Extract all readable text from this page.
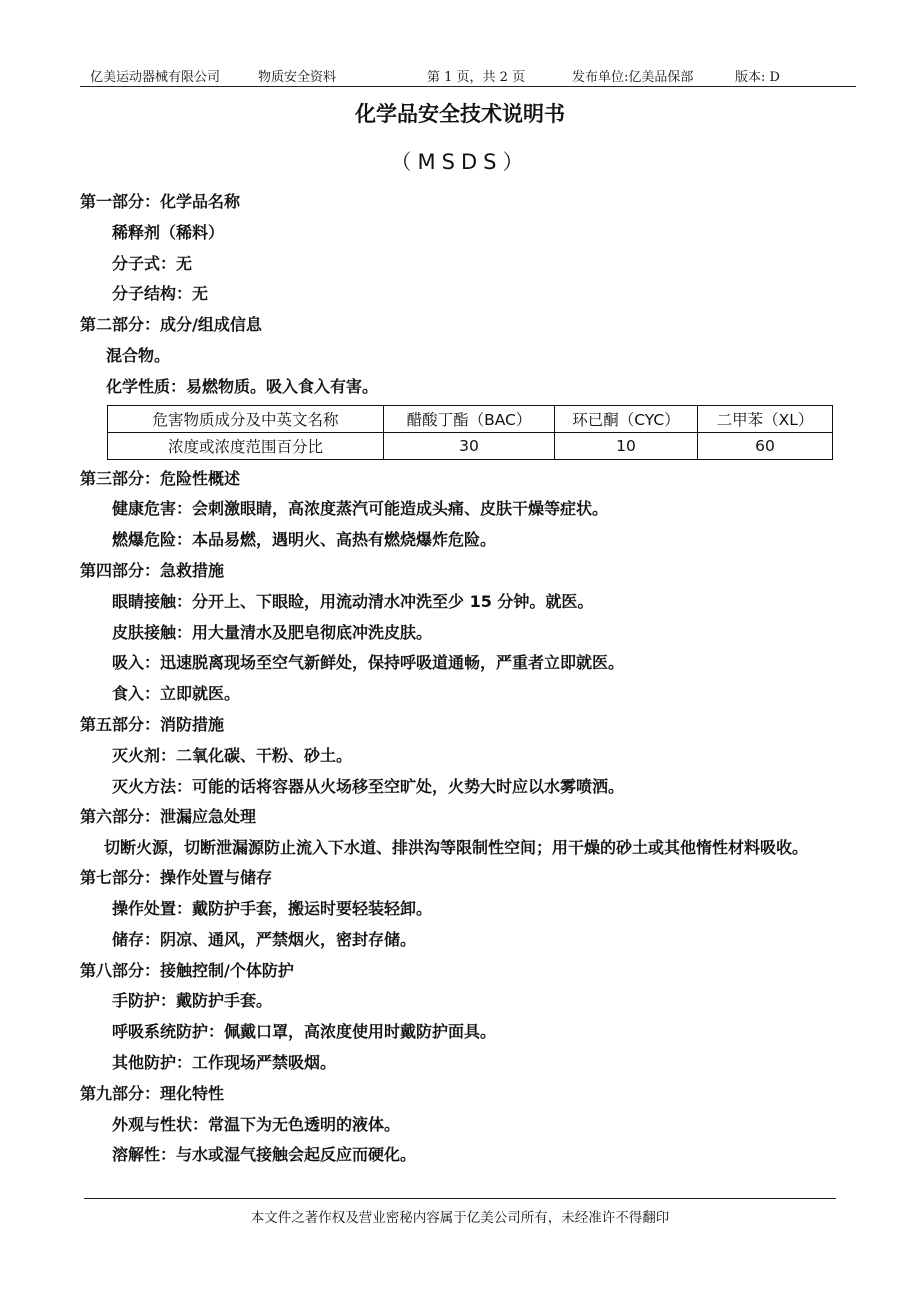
亿美运动器械有限公司	物质安全资料	第 1 页，共 2 页	发布单位:亿美品保部	版本: D
化学品安全技术说明书
（MSDS）
第一部分：化学品名称
稀释剂（稀料）
分子式：无
分子结构：无
第二部分：成分/组成信息
混合物。
化学性质：易燃物质。吸入食入有害。
危害物质成分及中英文名称	醋酸丁酯（BAC）	环已酮（CYC）	二甲苯（XL）
浓度或浓度范围百分比	30	10	60
第三部分：危险性概述
健康危害：会刺激眼睛，高浓度蒸汽可能造成头痛、皮肤干燥等症状。
燃爆危险：本品易燃，遇明火、高热有燃烧爆炸危险。
第四部分：急救措施
眼睛接触：分开上、下眼睑，用流动清水冲洗至少 15 分钟。就医。
皮肤接触：用大量清水及肥皂彻底冲洗皮肤。
吸入：迅速脱离现场至空气新鲜处，保持呼吸道通畅，严重者立即就医。
食入：立即就医。
第五部分：消防措施
灭火剂：二氧化碳、干粉、砂土。
灭火方法：可能的话将容器从火场移至空旷处，火势大时应以水雾喷洒。
第六部分：泄漏应急处理

切断火源，切断泄漏源防止流入下水道、排洪沟等限制性空间；用干燥的砂土或其他惰性材料吸收。

第七部分：操作处置与储存
操作处置：戴防护手套，搬运时要轻装轻卸。
储存：阴凉、通风，严禁烟火，密封存储。
第八部分：接触控制/个体防护
手防护：戴防护手套。
呼吸系统防护：佩戴口罩，高浓度使用时戴防护面具。
其他防护：工作现场严禁吸烟。
第九部分：理化特性
外观与性状：常温下为无色透明的液体。
溶解性：与水或湿气接触会起反应而硬化。
本文件之著作权及营业密秘内容属于亿美公司所有，未经准许不得翻印
